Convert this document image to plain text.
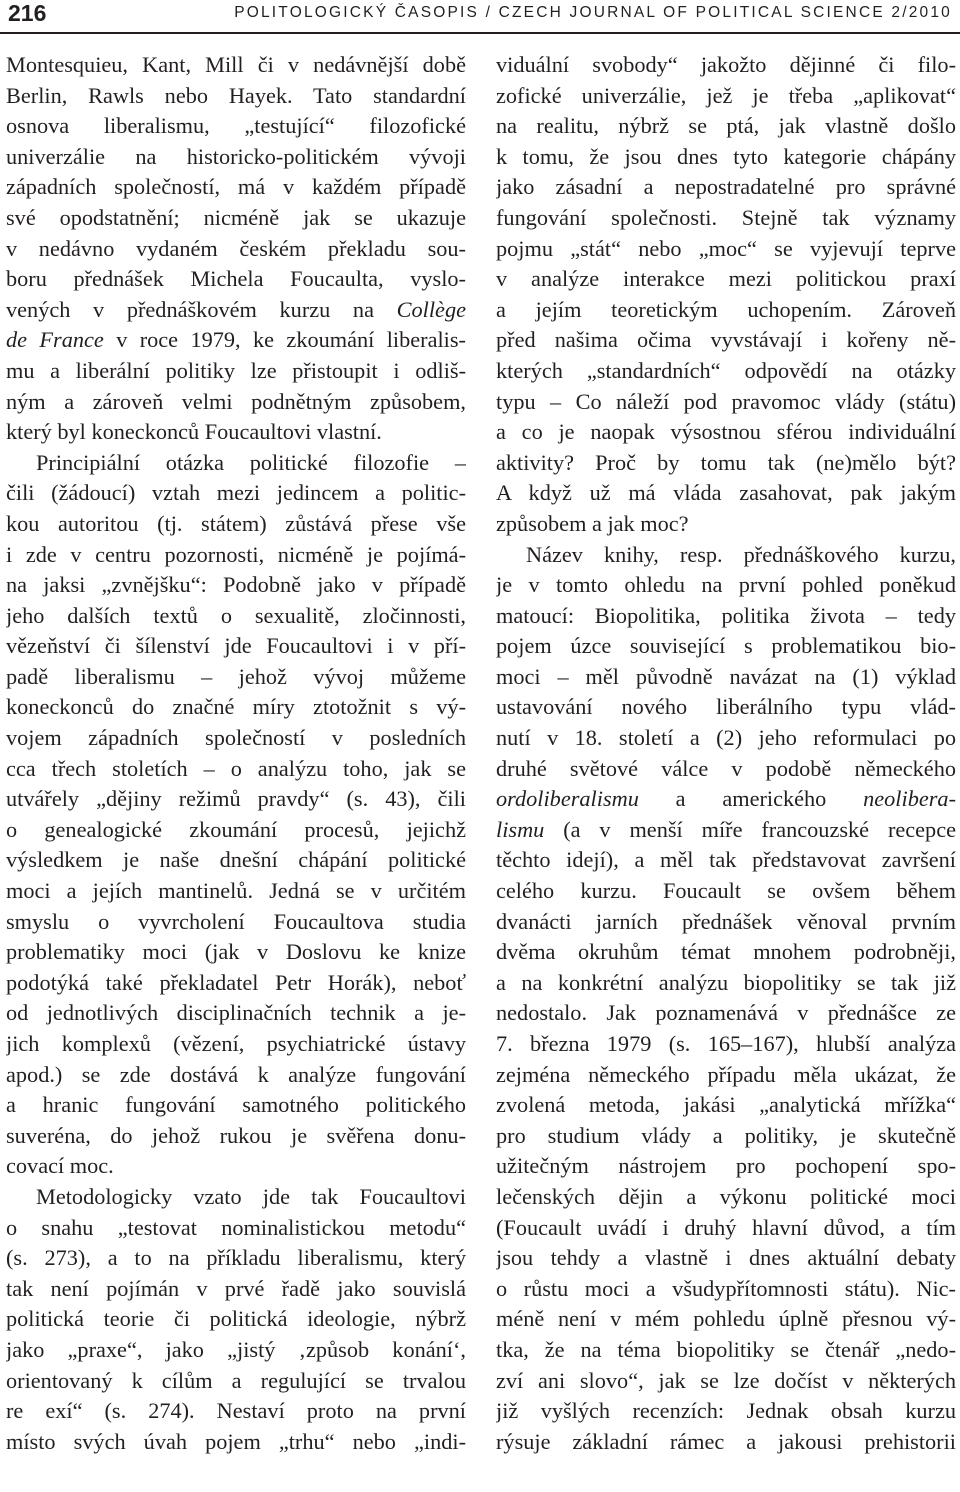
216	POLITOLOGICKÝ ČASOPIS / CZECH JOURNAL OF POLITICAL SCIENCE 2/2010
Montesquieu, Kant, Mill či v nedávnější době
Berlin, Rawls nebo Hayek. Tato standardní
osnova liberalismu, „testující“ filozofické
univerzálie na historicko-politickém vývoji
západních společností, má v každém případě
své opodstatnění; nicméně jak se ukazuje
v nedávno vydaném českém překladu sou-
boru přednášek Michela Foucaulta, vyslo-
vených v přednáškovém kurzu na Collège
de France v roce 1979, ke zkoumání liberalis-
mu a liberální politiky lze přistoupit i odliš-
ným a zároveň velmi podnětným způsobem,
který byl koneckonců Foucaultovi vlastní.
Principiální otázka politické filozofie –
čili (žádoucí) vztah mezi jedincem a politic-
kou autoritou (tj. státem) zůstává přese vše
i zde v centru pozornosti, nicméně je pojímá-
na jaksi „zvnějšku“: Podobně jako v případě
jeho dalších textů o sexualitě, zločinnosti,
vězeňství či šílenství jde Foucaultovi i v pří-
padě liberalismu – jehož vývoj můžeme
koneckonců do značné míry ztotožnit s vý-
vojem západních společností v posledních
cca třech stoletích – o analýzu toho, jak se
utvářely „dějiny režimů pravdy“ (s. 43), čili
o genealogické zkoumání procesů, jejichž
výsledkem je naše dnešní chápání politické
moci a jejích mantinelů. Jedná se v určitém
smyslu o vyvrcholení Foucaultova studia
problematiky moci (jak v Doslovu ke knize
podotýká také překladatel Petr Horák), neboť
od jednotlivých disciplinačních technik a je-
jich komplexů (vězení, psychiatrické ústavy
apod.) se zde dostává k analýze fungování
a hranic fungování samotného politického
suveréna, do jehož rukou je svěřena donu-
covací moc.
Metodologicky vzato jde tak Foucaultovi
o snahu „testovat nominalistickou metodu“
(s. 273), a to na příkladu liberalismu, který
tak není pojímán v prvé řadě jako souvislá
politická teorie či politická ideologie, nýbrž
jako „praxe“, jako „jistý ‚způsob konání‘,
orientovaný k cílům a regulující se trvalou
re exí“ (s. 274). Nestaví proto na první
místo svých úvah pojem „trhu“ nebo „indi-
viduální svobody“ jakožto dějinné či filo-
zofické univerzálie, jež je třeba „aplikovat“
na realitu, nýbrž se ptá, jak vlastně došlo
k tomu, že jsou dnes tyto kategorie chápány
jako zásadní a nepostradatelné pro správné
fungování společnosti. Stejně tak významy
pojmu „stát“ nebo „moc“ se vyjevují teprve
v analýze interakce mezi politickou praxí
a jejím teoretickým uchopením. Zároveň
před našima očima vyvstávají i kořeny ně-
kterých „standardních“ odpovědí na otázky
typu – Co náleží pod pravomoc vlády (státu)
a co je naopak výsostnou sférou individuální
aktivity? Proč by tomu tak (ne)mělo být?
A když už má vláda zasahovat, pak jakým
způsobem a jak moc?
Název knihy, resp. přednáškového kurzu,
je v tomto ohledu na první pohled poněkud
matoucí: Biopolitika, politika života – tedy
pojem úzce související s problematikou bio-
moci – měl původně navázat na (1) výklad
ustavování nového liberálního typu vlád-
nutí v 18. století a (2) jeho reformulaci po
druhé světové válce v podobě německého
ordoliberalismu a amerického neolibera-
lismu (a v menší míře francouzské recepce
těchto idejí), a měl tak představovat završení
celého kurzu. Foucault se ovšem během
dvanácti jarních přednášek věnoval prvním
dvěma okruhům témat mnohem podrobněji,
a na konkrétní analýzu biopolitiky se tak již
nedostalo. Jak poznamenává v přednášce ze
7. března 1979 (s. 165–167), hlubší analýza
zejména německého případu měla ukázat, že
zvolená metoda, jakási „analytická mřížka“
pro studium vlády a politiky, je skutečně
užitečným nástrojem pro pochopení spo-
lečenských dějin a výkonu politické moci
(Foucault uvádí i druhý hlavní důvod, a tím
jsou tehdy a vlastně i dnes aktuální debaty
o růstu moci a všudypřítomnosti státu). Nic-
méně není v mém pohledu úplně přesnou vý-
tka, že na téma biopolitiky se čtenář „nedo-
zví ani slovo“, jak se lze dočíst v některých
již vyšlých recenzích: Jednak obsah kurzu
rýsuje základní rámec a jakousi prehistorii
